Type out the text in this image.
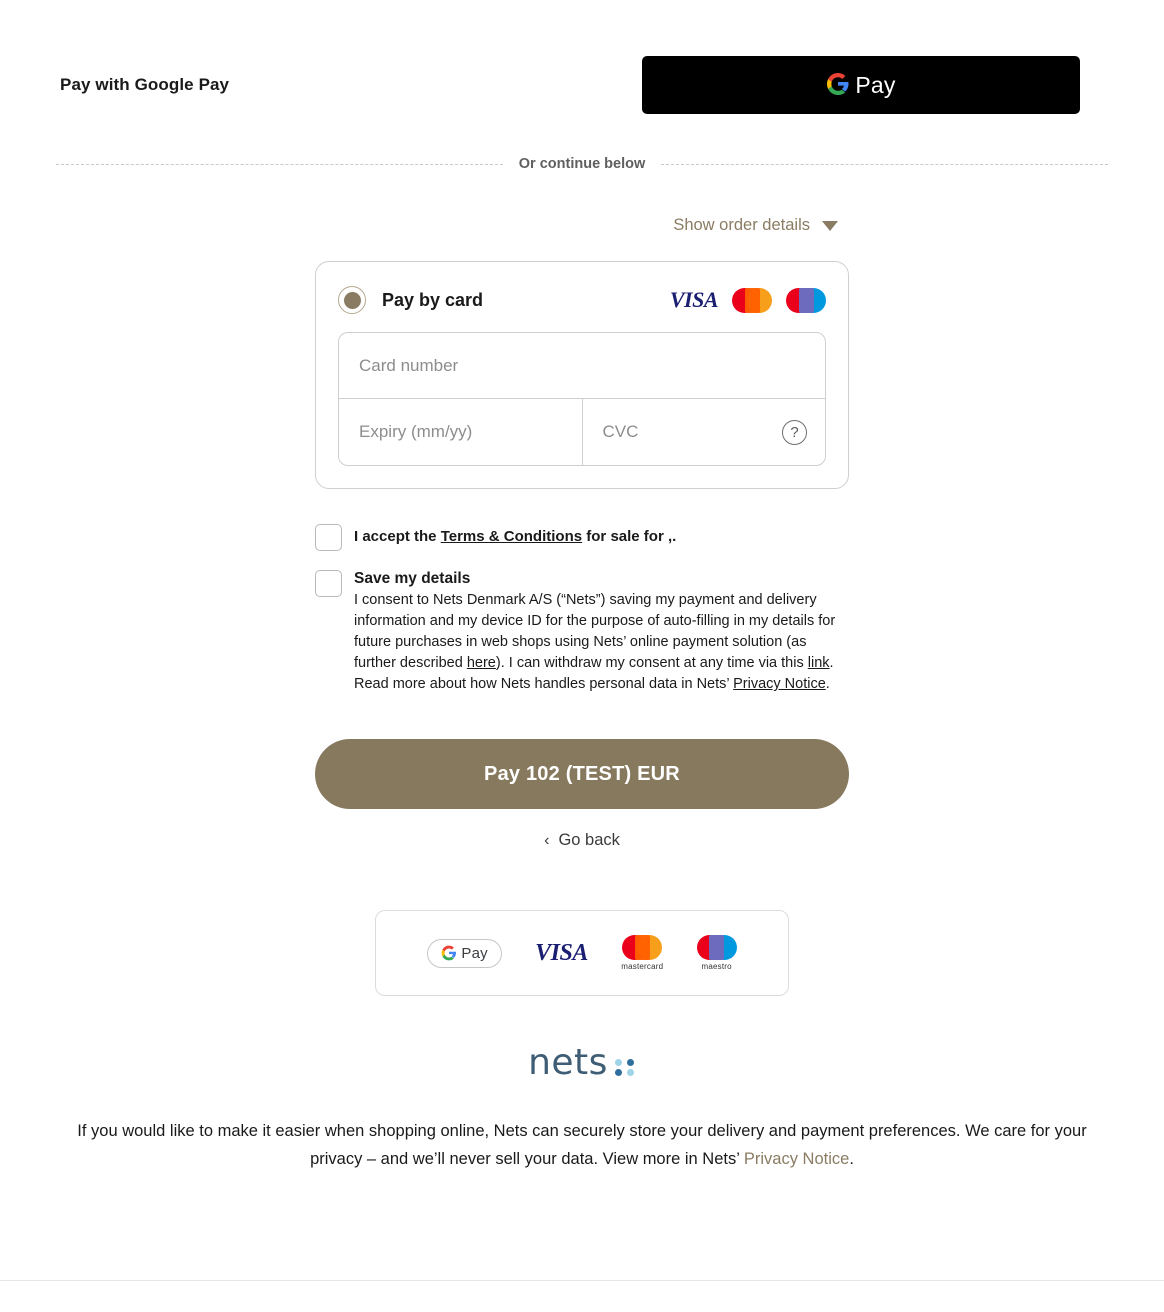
Pay with Google Pay	Pay
Or continue below
Show order details
Pay by card	VISA
Card number
Expiry (mm/yy)
CVC
?
I accept the Terms & Conditions for sale for ,.
Save my details
I consent to Nets Denmark A/S (“Nets”) saving my payment and delivery information and my device ID for the purpose of auto-filling in my details for future purchases in web shops using Nets’ online payment solution (as further described here). I can withdraw my consent at any time via this link. Read more about how Nets handles personal data in Nets’ Privacy Notice.
Pay 102 (TEST) EUR
‹ Go back
Pay VISA
mastercard	maestro
nets
If you would like to make it easier when shopping online, Nets can securely store your delivery and payment preferences. We care for your privacy – and we’ll never sell your data. View more in Nets’ Privacy Notice.
